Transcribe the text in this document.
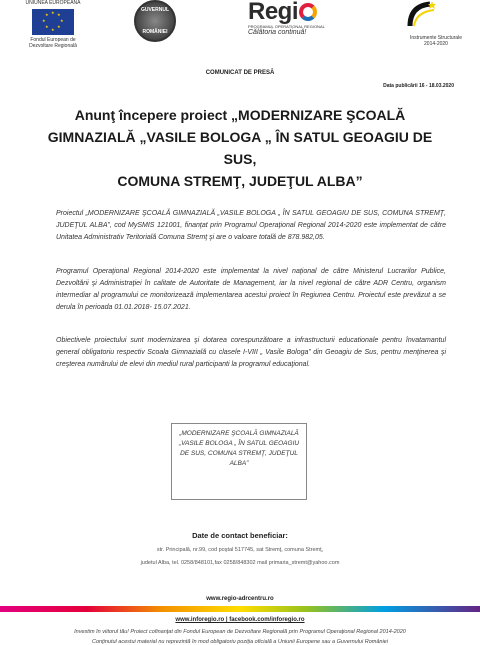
UNIUNEA EUROPEANĂ
★ ★
★
★
★
★
★
★
Fondul European de
Dezvoltare Regională
GUVERNUL
ROMÂNIEI
Regi
PROGRAMUL OPERAȚIONAL REGIONAL
Călătoria continuă!
Instrumente Structurale
2014-2020
COMUNICAT DE PRESĂ
Data publicării 16 - 18.03.2020
Anunţ începere proiect „MODERNIZARE ŞCOALĂ
GIMNAZIALĂ „VASILE BOLOGA „ ÎN SATUL GEOAGIU DE SUS,
COMUNA STREMŢ, JUDEŢUL ALBA”

Proiectul „MODERNIZARE ŞCOALĂ GIMNAZIALĂ „VASILE BOLOGA „ ÎN SATUL GEOAGIU DE SUS, COMUNA STREMŢ, JUDEŢUL ALBA”, cod MySMIS 121001, finanţat prin Programul Operaţional Regional 2014-2020 este implementat de către Unitatea Administrativ Teritorială Comuna Stremţ şi are o valoare totală de 878.982,05.

Programul Operaţional Regional 2014-2020 este implementat la nivel naţional de către Ministerul Lucrarilor Publice, Dezvoltării şi Administraţiei în calitate de Autoritate de Management, iar la nivel regional de către ADR Centru, organism intermediar al programului ce monitorizează implementarea acestui proiect în Regiunea Centru. Proiectul este prevăzut a se derula în perioada 01.01.2018- 15.07.2021.

Obiectivele proiectului sunt modernizarea şi dotarea corespunzătoare a infrastructurii educationale pentru învatamantul general obligatoriu respectiv Scoala Gimnazială cu clasele I-VIII „ Vasile Bologa” din Geoagiu de Sus, pentru menţinerea şi creşterea numărului de elevi din mediul rural participanti la programul educaţional.

„MODERNIZARE ŞCOALĂ GIMNAZIALĂ „VASILE BOLOGA „ ÎN SATUL GEOAGIU DE SUS, COMUNA STREMŢ, JUDEŢUL ALBA”
Date de contact beneficiar:
str. Principală, nr.99, cod poştal 517745, sat Stremţ, comuna Stremţ,
judetul Alba, tel. 0258/848101,fax 0258/848302 mail primaria_stremt@yahoo.com
www.regio-adrcentru.ro
www.inforegio.ro | facebook.com/inforegio.ro
Investim în viitorul tău! Proiect cofinanţat din Fondul European de Dezvoltare Regională prin Programul Operaţional Regional 2014-2020
Conţinutul acestui material nu reprezintă în mod obligatoriu poziţia oficială a Uniunii Europene sau a Guvernului României
